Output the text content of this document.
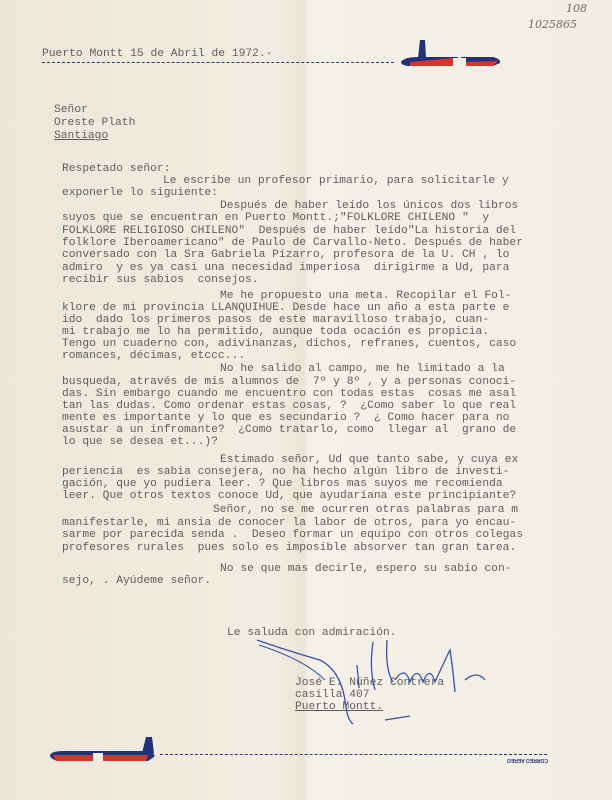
108
1025865
Puerto Montt 15 de Abril de 1972.-
Señor
Oreste Plath
Santiago
Respetado señor:
Le escribe un profesor primario, para solicitarle y
exponerle lo siguiente:
Después de haber leído los únicos dos libros
suyos que se encuentran en Puerto Montt.;"FOLKLORE CHILENO "  y
FOLKLORE RELIGIOSO CHILENO"  Después de haber leído"La historia del
folklore Iberoamericano" de Paulo de Carvallo-Neto. Después de haber
conversado con la Sra Gabriela Pizarro, profesora de la U. CH , lo
admiro  y es ya casi una necesidad imperiosa  dirigirme a Ud, para
recibir sus sabios  consejos.
Me he propuesto una meta. Recopilar el Fol-
klore de mi provincia LLANQUIHUE. Desde hace un año a esta parte e
ido  dado los primeros pasos de este maravilloso trabajo, cuan-
mi trabajo me lo ha permitido, aunque toda ocación es propicia.
Tengo un cuaderno con, adivinanzas, dichos, refranes, cuentos, caso
romances, décimas, etccc...
No he salido al campo, me he limitado a la
busqueda, através de mis alumnos de  7º y 8º , y a personas conoci-
das. Sin embargo cuando me encuentro con todas estas  cosas me asal
tan las dudas. Como ordenar estas cosas, ?  ¿Como saber lo que real
mente es importante y lo que es secundario ?  ¿ Como hacer para no
asustar a un infromante?  ¿Como tratarlo, como  llegar al  grano de
lo que se desea et...)?
Estimado señor, Ud que tanto sabe, y cuya ex
periencia  es sabia consejera, no ha hecho algún libro de investi-
gación, que yo pudiera leer. ? Que libros mas suyos me recomienda
leer. Que otros textos conoce Ud, que ayudaríana este principiante?
Señor, no se me ocurren otras palabras para m
manifestarle, mi ansia de conocer la labor de otros, para yo encau-
sarme por parecida senda .  Deseo formar un equipo con otros colegas
profesores rurales  pues solo es imposible absorver tan gran tarea.
No se que mas decirle, espero su sabio con-
sejo, . Ayúdeme señor.
Le saluda con admiración.
José E. Núñez Contrera
casilla 407
Puerto Montt.
CORREO AEREO
